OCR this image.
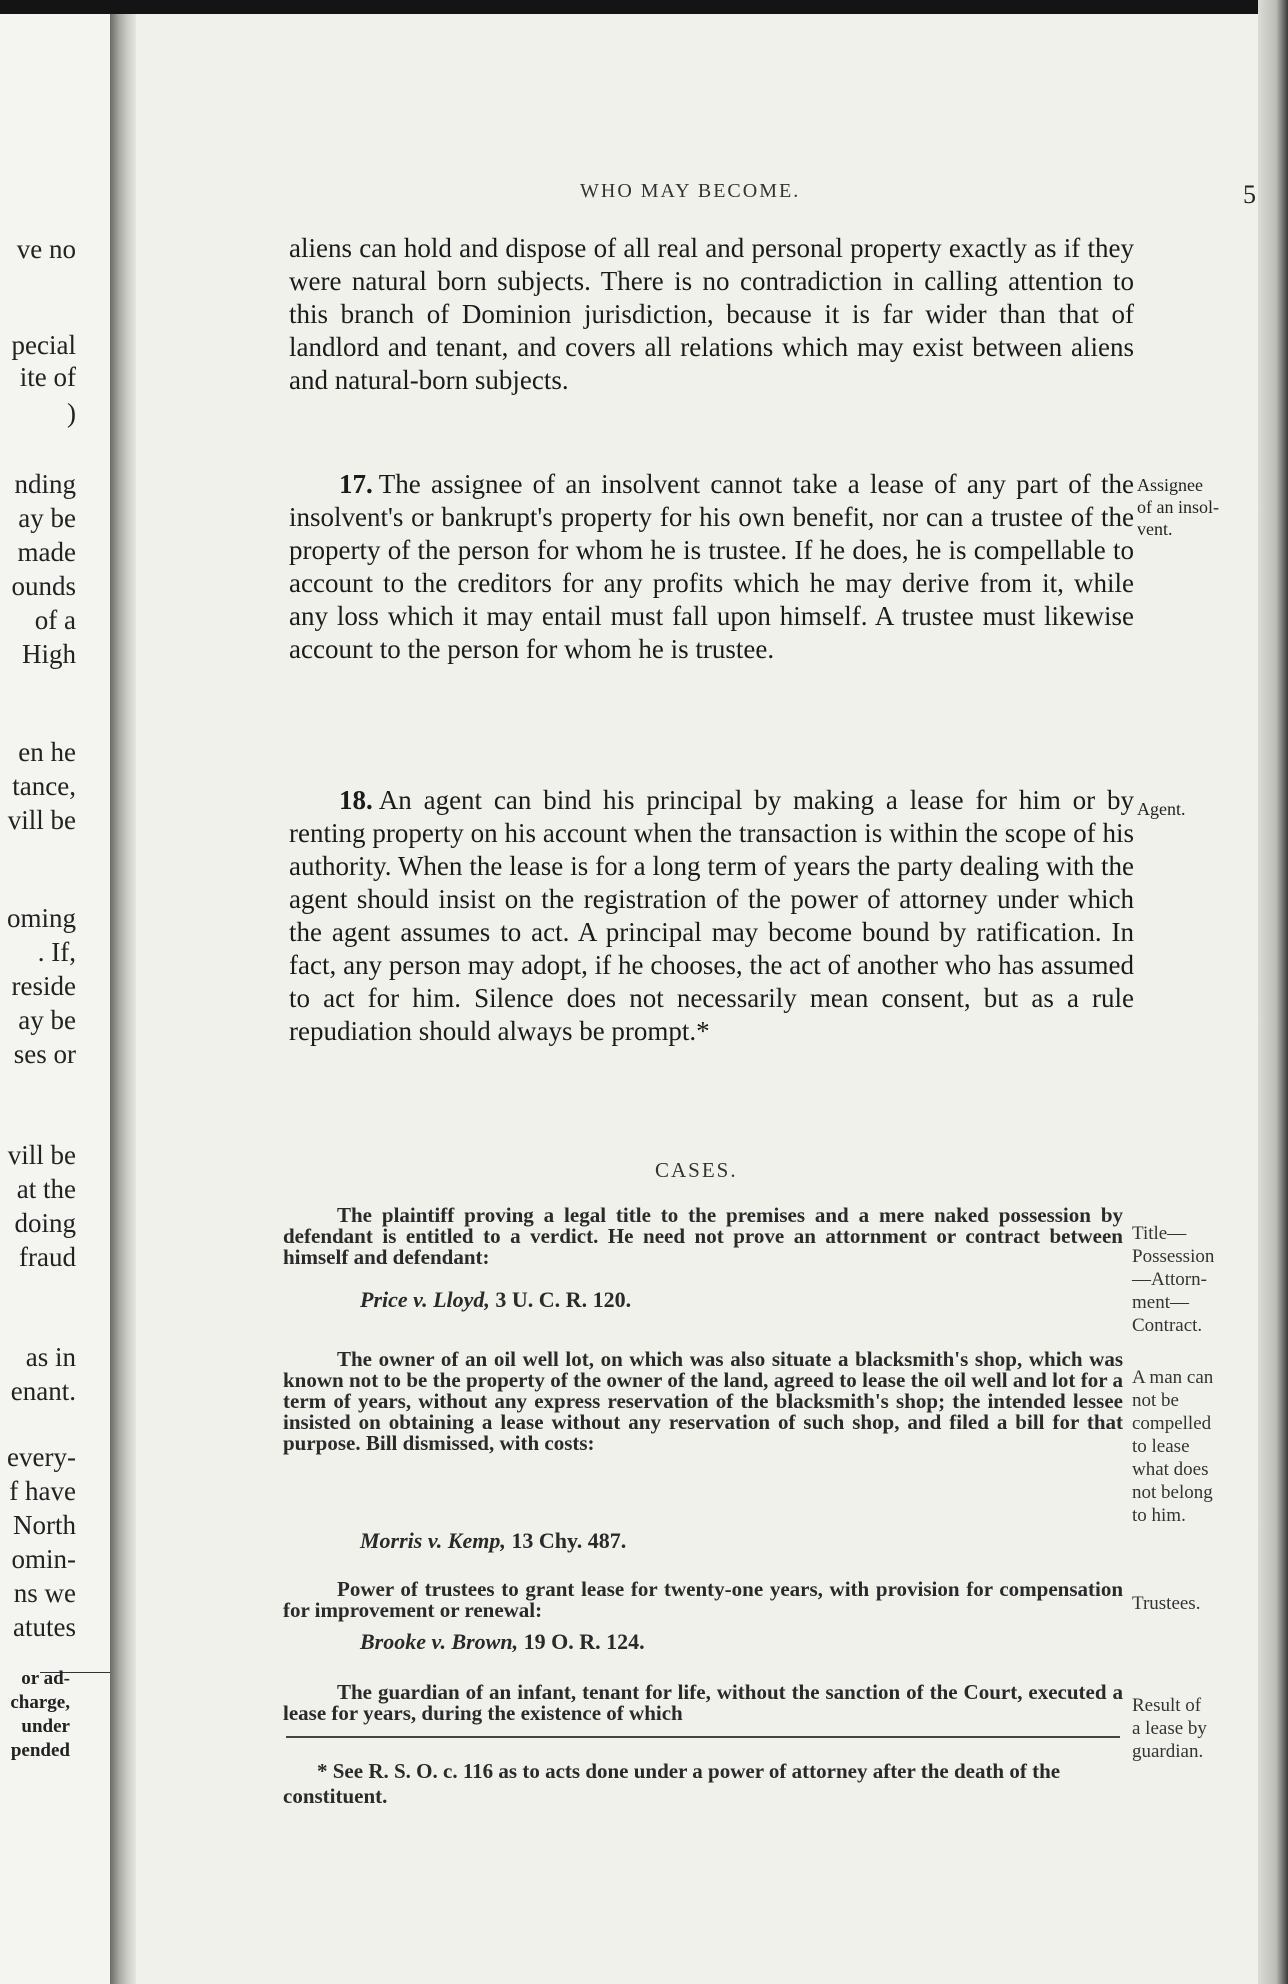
ve no
pecial
ite of
)
nding
ay be
made
ounds
of a
High
en he
tance,
vill be
oming
. If,
reside
ay be
ses or
vill be
at the
doing
fraud
as in
enant.
every-
f have
North
omin-
ns we
atutes
or ad-
charge,
under
pended
WHO MAY BECOME.	5

aliens can hold and dispose of all real and personal property exactly as if they were natural born subjects. There is no contradiction in calling attention to this branch of Dominion jurisdiction, because it is far wider than that of landlord and tenant, and covers all relations which may exist between aliens and natural-born subjects.

17. The assignee of an insolvent cannot take a lease of any part of the insolvent's or bankrupt's property for his own benefit, nor can a trustee of the property of the person for whom he is trustee. If he does, he is compellable to account to the creditors for any profits which he may derive from it, while any loss which it may entail must fall upon himself. A trustee must likewise account to the person for whom he is trustee.

18. An agent can bind his principal by making a lease for him or by renting property on his account when the transaction is within the scope of his authority. When the lease is for a long term of years the party dealing with the agent should insist on the registration of the power of attorney under which the agent assumes to act. A principal may become bound by ratification. In fact, any person may adopt, if he chooses, the act of another who has assumed to act for him. Silence does not necessarily mean consent, but as a rule repudiation should always be prompt.*

Assignee
of an insol-
vent.
Agent.
CASES.

The plaintiff proving a legal title to the premises and a mere naked possession by defendant is entitled to a verdict. He need not prove an attornment or contract between himself and defendant:

Price v. Lloyd, 3 U. C. R. 120.

The owner of an oil well lot, on which was also situate a blacksmith's shop, which was known not to be the property of the owner of the land, agreed to lease the oil well and lot for a term of years, without any express reservation of the blacksmith's shop; the intended lessee insisted on obtaining a lease without any reservation of such shop, and filed a bill for that purpose. Bill dismissed, with costs:

Morris v. Kemp, 13 Chy. 487.

Power of trustees to grant lease for twenty-one years, with provision for compensation for improvement or renewal:

Brooke v. Brown, 19 O. R. 124.

The guardian of an infant, tenant for life, without the sanction of the Court, executed a lease for years, during the existence of which

Title—
Possession
—Attorn-
ment—
Contract.
A man can
not be
compelled
to lease
what does
not belong
to him.
Trustees.
Result of
a lease by
guardian.

* See R. S. O. c. 116 as to acts done under a power of attorney after the death of the constituent.
